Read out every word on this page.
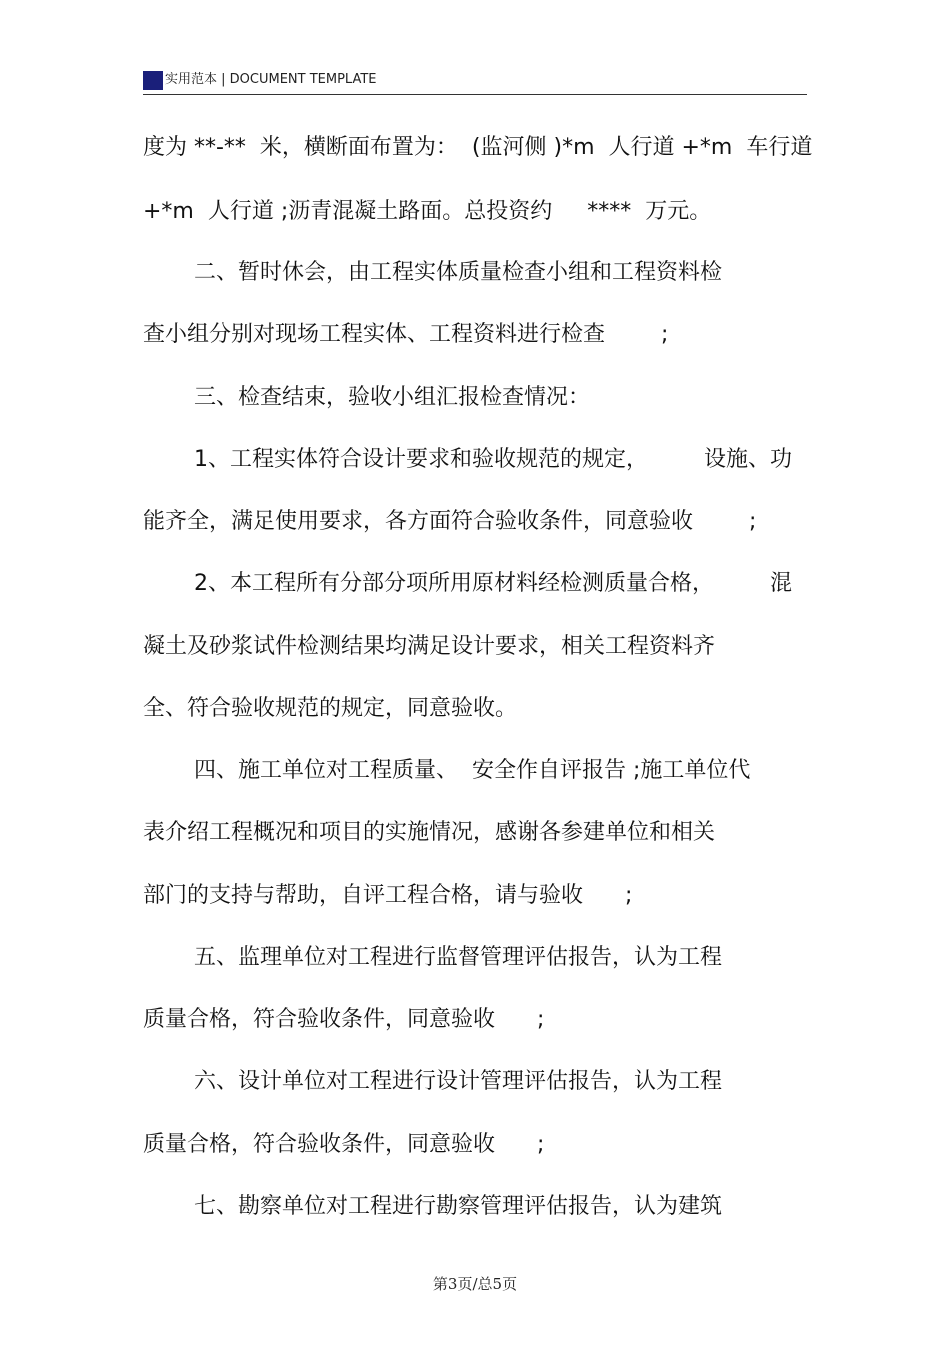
实用范本 | DOCUMENT TEMPLATE
度为 **-**  米，横断面布置为：  (监河侧 )*m  人行道 +*m  车行道
+*m  人行道 ;沥青混凝土路面。总投资约     ****  万元。
二、暂时休会，由工程实体质量检查小组和工程资料检
查小组分别对现场工程实体、工程资料进行检查        ;
三、检查结束，验收小组汇报检查情况：
1、工程实体符合设计要求和验收规范的规定，        设施、功
能齐全，满足使用要求，各方面符合验收条件，同意验收        ;
2、本工程所有分部分项所用原材料经检测质量合格，        混
凝土及砂浆试件检测结果均满足设计要求，相关工程资料齐
全、符合验收规范的规定，同意验收。
四、施工单位对工程质量、  安全作自评报告 ;施工单位代
表介绍工程概况和项目的实施情况，感谢各参建单位和相关
部门的支持与帮助，自评工程合格，请与验收      ;
五、监理单位对工程进行监督管理评估报告，认为工程
质量合格，符合验收条件，同意验收      ;
六、设计单位对工程进行设计管理评估报告，认为工程
质量合格，符合验收条件，同意验收      ;
七、勘察单位对工程进行勘察管理评估报告，认为建筑
第3页/总5页
